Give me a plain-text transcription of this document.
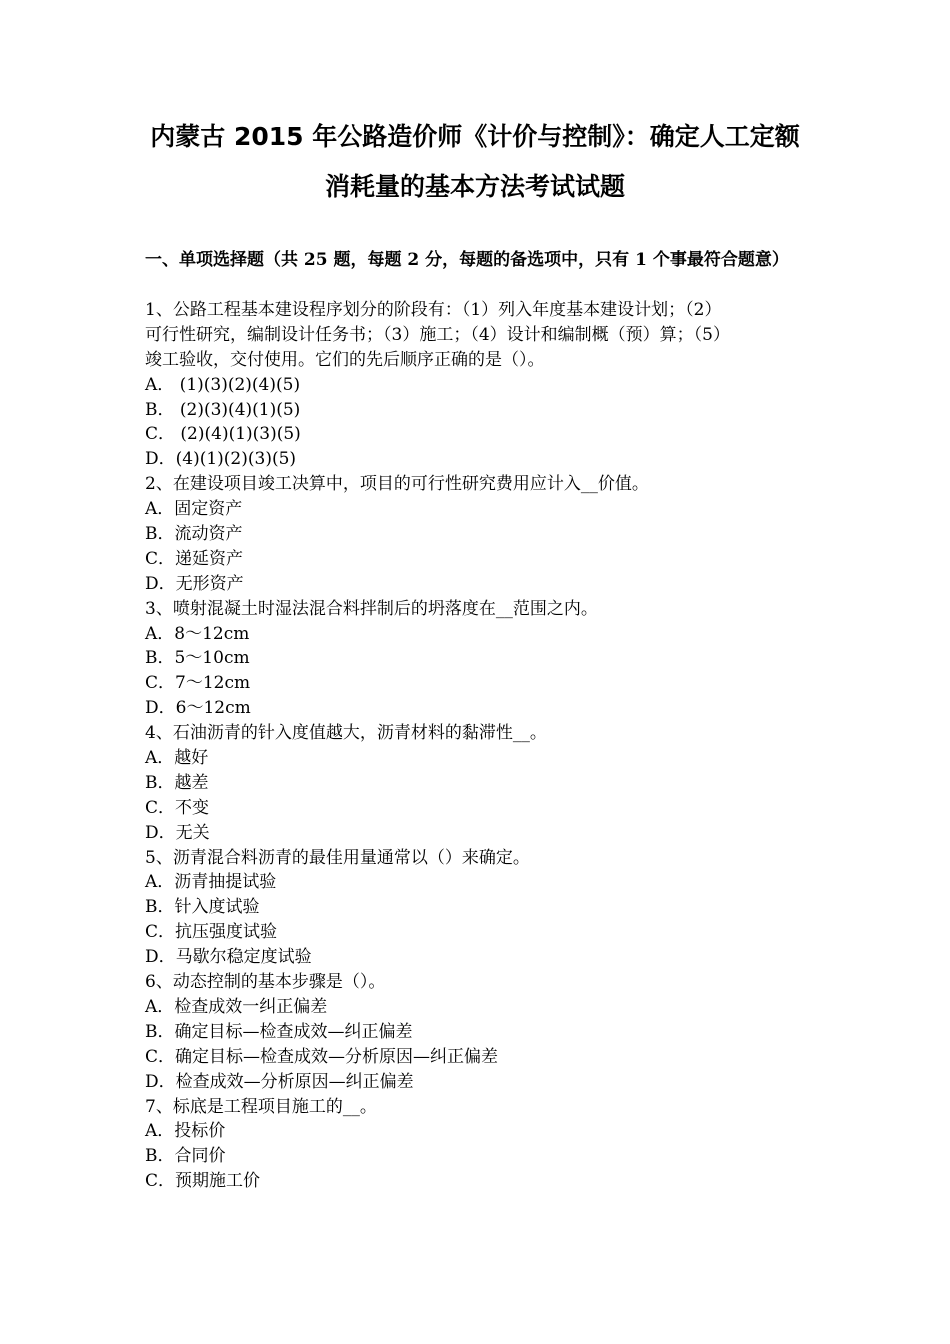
内蒙古 2015 年公路造价师《计价与控制》：确定人工定额
消耗量的基本方法考试试题
一、单项选择题（共 25 题，每题 2 分，每题的备选项中，只有 1 个事最符合题意）
1、公路工程基本建设程序划分的阶段有：（1）列入年度基本建设计划；（2）
可行性研究，编制设计任务书；（3）施工；（4）设计和编制概（预）算；（5）
竣工验收，交付使用。它们的先后顺序正确的是（）。
A． (1)(3)(2)(4)(5)
B． (2)(3)(4)(1)(5)
C． (2)(4)(1)(3)(5)
D．(4)(1)(2)(3)(5)
2、在建设项目竣工决算中，项目的可行性研究费用应计入__价值。
A．固定资产
B．流动资产
C．递延资产
D．无形资产
3、喷射混凝土时湿法混合料拌制后的坍落度在__范围之内。
A．8～12cm
B．5～10cm
C．7～12cm
D．6～12cm
4、石油沥青的针入度值越大，沥青材料的黏滞性__。
A．越好
B．越差
C．不变
D．无关
5、沥青混合料沥青的最佳用量通常以（）来确定。
A．沥青抽提试验
B．针入度试验
C．抗压强度试验
D．马歇尔稳定度试验
6、动态控制的基本步骤是（）。
A．检查成效一纠正偏差
B．确定目标—检查成效—纠正偏差
C．确定目标—检查成效—分析原因—纠正偏差
D．检查成效—分析原因—纠正偏差
7、标底是工程项目施工的__。
A．投标价
B．合同价
C．预期施工价
